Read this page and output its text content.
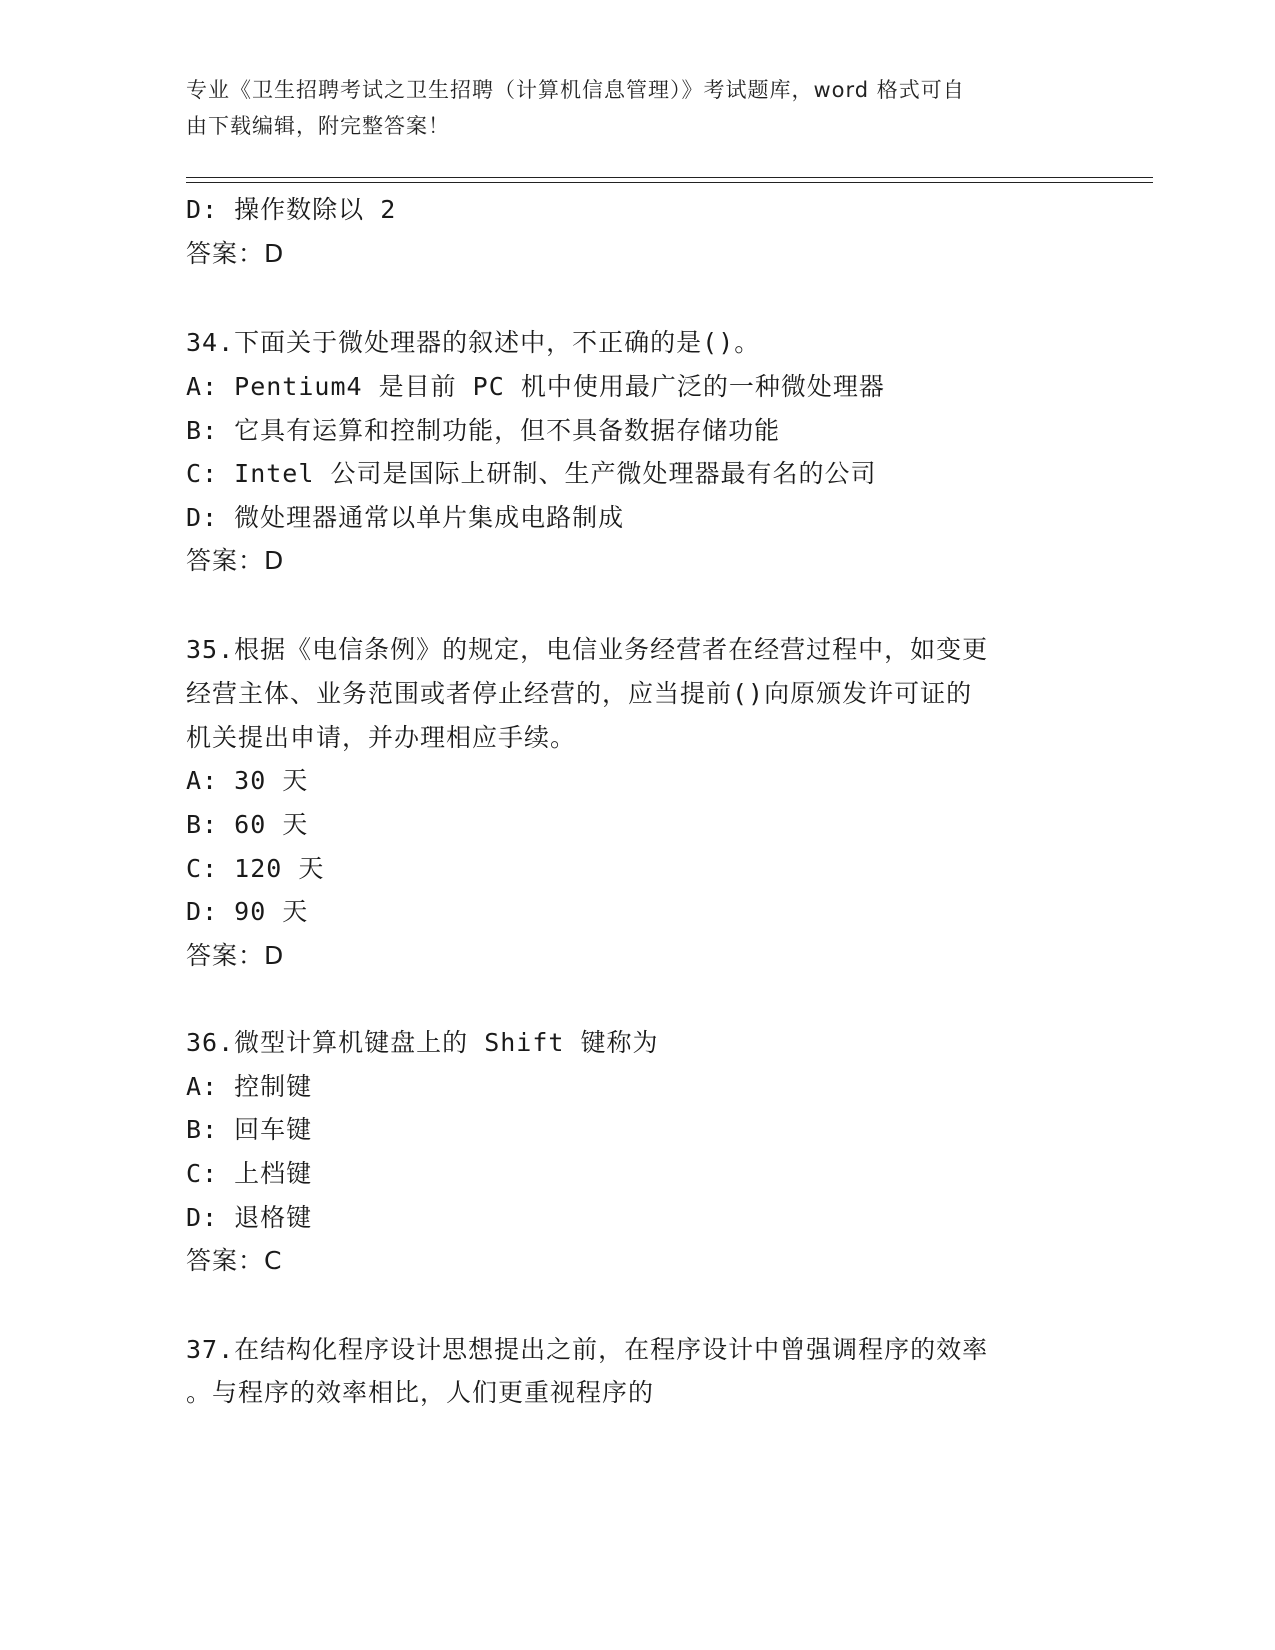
专业《卫生招聘考试之卫生招聘（计算机信息管理）》考试题库，word 格式可自
由下载编辑，附完整答案！
D: 操作数除以 2
答案：D
34.下面关于微处理器的叙述中，不正确的是()。
A: Pentium4 是目前 PC 机中使用最广泛的一种微处理器
B: 它具有运算和控制功能，但不具备数据存储功能
C: Intel 公司是国际上研制、生产微处理器最有名的公司
D: 微处理器通常以单片集成电路制成
答案：D
35.根据《电信条例》的规定，电信业务经营者在经营过程中，如变更
经营主体、业务范围或者停止经营的，应当提前()向原颁发许可证的
机关提出申请，并办理相应手续。
A: 30 天
B: 60 天
C: 120 天
D: 90 天
答案：D
36.微型计算机键盘上的 Shift 键称为
A: 控制键
B: 回车键
C: 上档键
D: 退格键
答案：C
37.在结构化程序设计思想提出之前，在程序设计中曾强调程序的效率
。与程序的效率相比，人们更重视程序的
